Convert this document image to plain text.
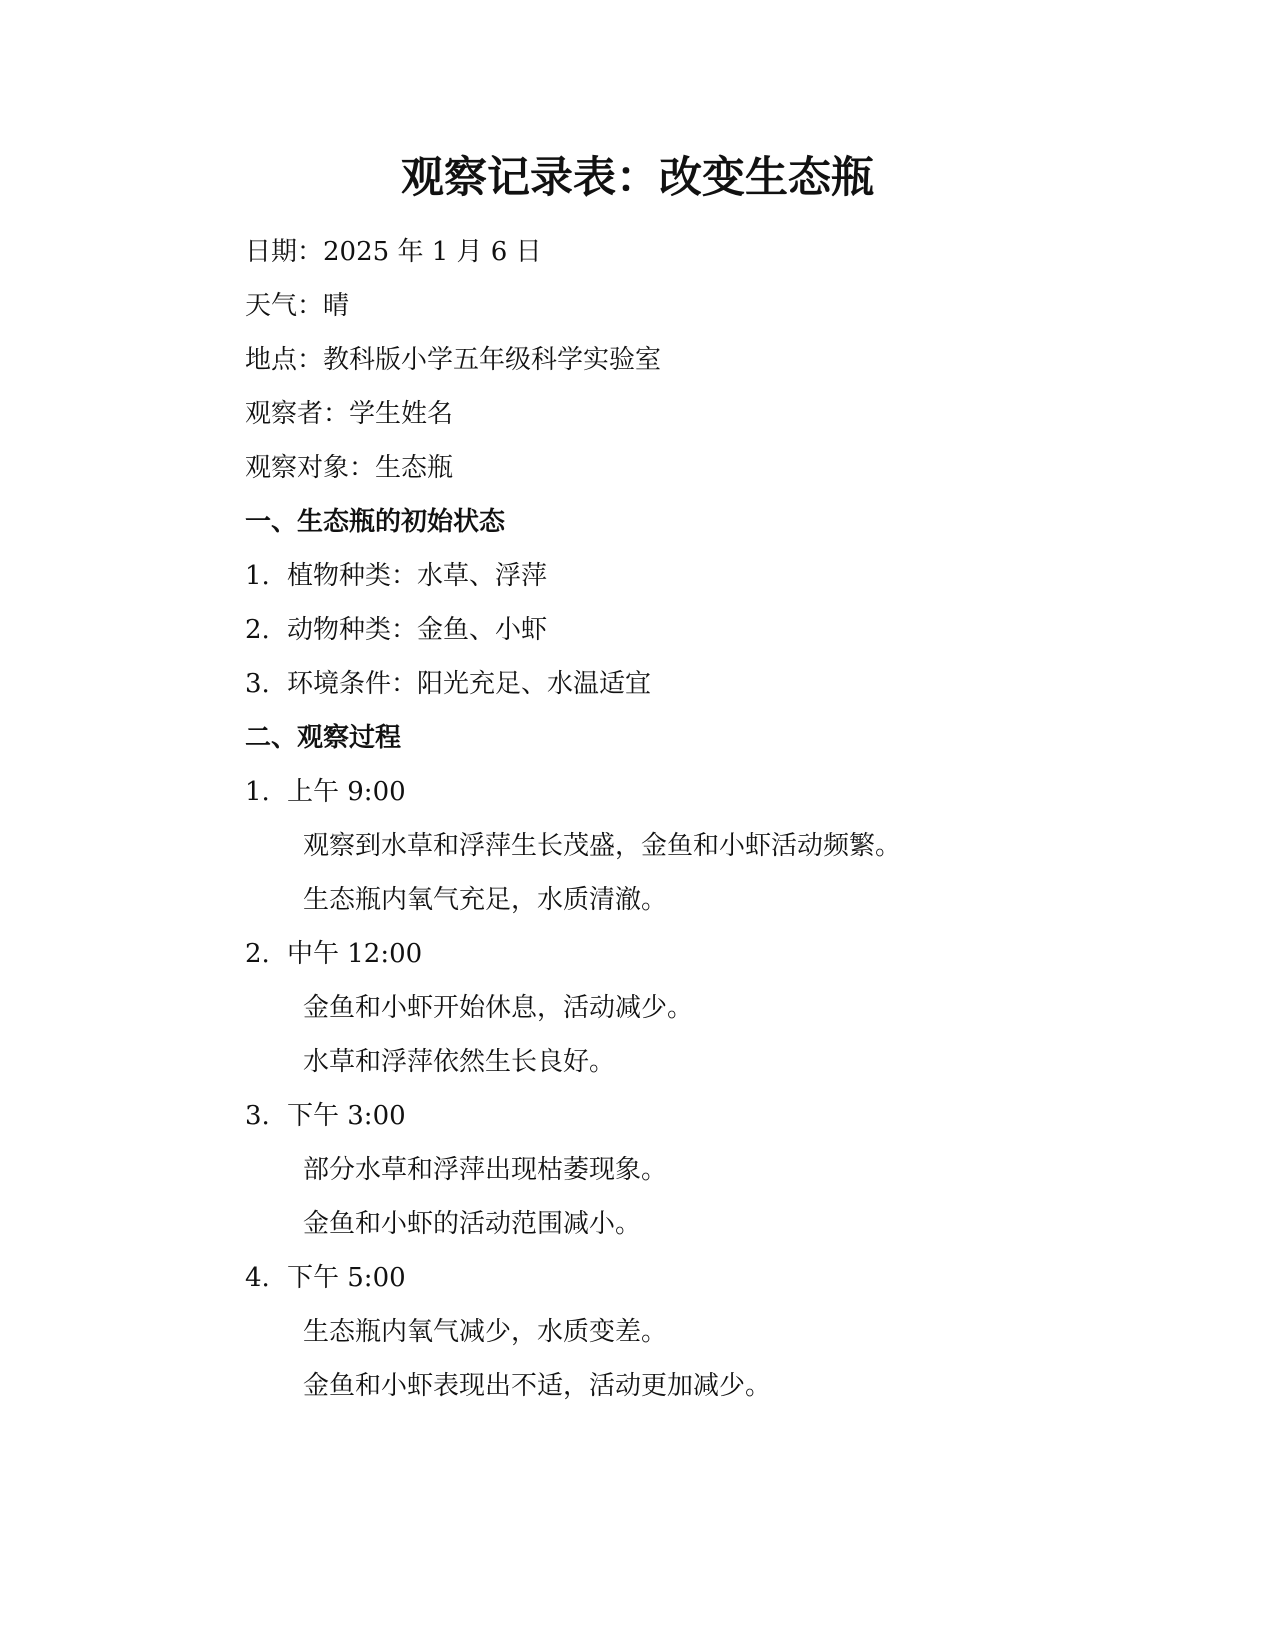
观察记录表：改变生态瓶
日期：2025 年 1 月 6 日
天气：晴
地点：教科版小学五年级科学实验室
观察者：学生姓名
观察对象：生态瓶
一、生态瓶的初始状态
1. 植物种类：水草、浮萍
2. 动物种类：金鱼、小虾
3. 环境条件：阳光充足、水温适宜
二、观察过程
1. 上午 9:00
观察到水草和浮萍生长茂盛，金鱼和小虾活动频繁。
生态瓶内氧气充足，水质清澈。
2. 中午 12:00
金鱼和小虾开始休息，活动减少。
水草和浮萍依然生长良好。
3. 下午 3:00
部分水草和浮萍出现枯萎现象。
金鱼和小虾的活动范围减小。
4. 下午 5:00
生态瓶内氧气减少，水质变差。
金鱼和小虾表现出不适，活动更加减少。
